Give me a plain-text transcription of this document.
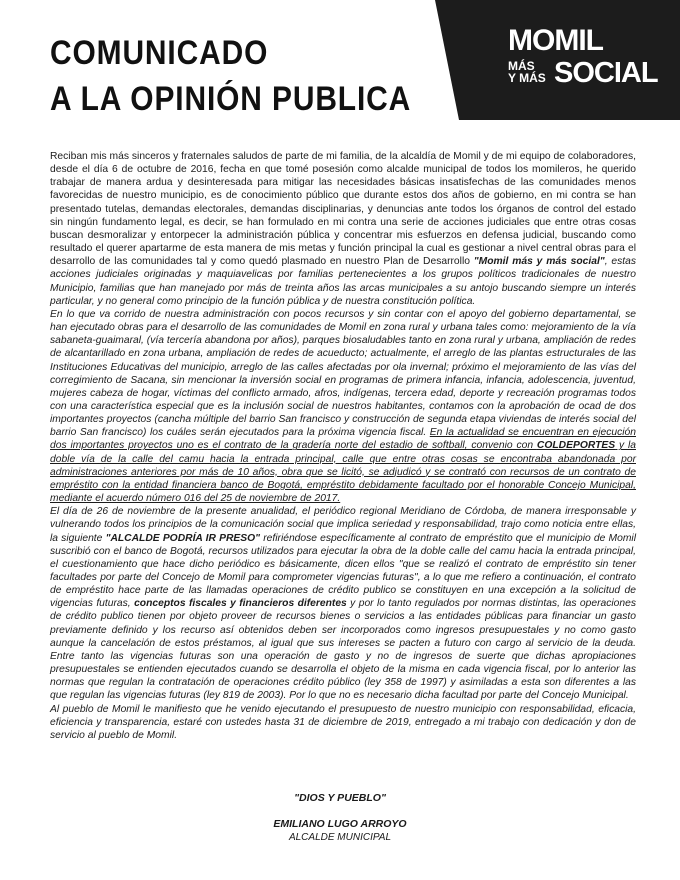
COMUNICADO
A LA OPINIÓN PUBLICA
MOMIL
MÁS
Y MÁS SOCIAL

Reciban mis más sinceros y fraternales saludos de parte de mi familia, de la alcaldía de Momil y de mi equipo de colaboradores, desde el día 6 de octubre de 2016, fecha en que tomé posesión como alcalde municipal de todos los momileros, he querido trabajar de manera ardua y desinteresada para mitigar las necesidades básicas insatisfechas de las comunidades menos favorecidas de nuestro municipio, es de conocimiento público que durante estos dos años de gobierno, en mi contra se han presentado tutelas, demandas electorales, demandas disciplinarias, y denuncias ante todos los órganos de control del estado sin ningún fundamento legal, es decir, se han formulado en mi contra una serie de acciones judiciales que entre otras cosas buscan desmoralizar y entorpecer la administración pública y concentrar mis esfuerzos en defensa judicial, buscando como resultado el querer apartarme de esta manera de mis metas y función principal la cual es gestionar a nivel central obras para el desarrollo de las comunidades tal y como quedó plasmado en nuestro Plan de Desarrollo "Momil más y más social", estas acciones judiciales originadas y maquiavelicas por familias pertenecientes a los grupos políticos tradicionales de nuestro Municipio, familias que han manejado por más de treinta años las arcas municipales a su antojo buscando siempre un interés particular, y no general como principio de la función pública y de nuestra constitución política.

En lo que va corrido de nuestra administración con pocos recursos y sin contar con el apoyo del gobierno departamental, se han ejecutado obras para el desarrollo de las comunidades de Momil en zona rural y urbana tales como: mejoramiento de la vía sabaneta-guaimaral, (vía tercería abandona por años), parques biosaludables tanto en zona rural y urbana, ampliación de redes de alcantarillado en zona urbana, ampliación de redes de acueducto; actualmente, el arreglo de las plantas estructurales de las Instituciones Educativas del municipio, arreglo de las calles afectadas por ola invernal; próximo el mejoramiento de las vías del corregimiento de Sacana, sin mencionar la inversión social en programas de primera infancia, infancia, adolescencia, juventud, mujeres cabeza de hogar, víctimas del conflicto armado, afros, indígenas, tercera edad, deporte y recreación programas todos con una característica especial que es la inclusión social de nuestros habitantes, contamos con la aprobación de ocad de dos importantes proyectos (cancha múltiple del barrio San francisco y construcción de segunda etapa viviendas de interés social del barrio San francisco) los cuáles serán ejecutados para la próxima vigencia fiscal. En la actualidad se encuentran en ejecución dos importantes proyectos uno es el contrato de la gradería norte del estadio de softball, convenio con COLDEPORTES y la doble vía de la calle del camu hacia la entrada principal, calle que entre otras cosas se encontraba abandonada por administraciones anteriores por más de 10 años, obra que se licitó, se adjudicó y se contrató con recursos de un contrato de empréstito con la entidad financiera banco de Bogotá, empréstito debidamente facultado por el honorable Concejo Municipal, mediante el acuerdo número 016 del 25 de noviembre de 2017.

El día de 26 de noviembre de la presente anualidad, el periódico regional Meridiano de Córdoba, de manera irresponsable y vulnerando todos los principios de la comunicación social que implica seriedad y responsabilidad, trajo como noticia entre ellas, la siguiente "ALCALDE PODRÍA IR PRESO" refiriéndose específicamente al contrato de empréstito que el municipio de Momil suscribió con el banco de Bogotá, recursos utilizados para ejecutar la obra de la doble calle del camu hacia la entrada principal, el cuestionamiento que hace dicho periódico es básicamente, dicen ellos "que se realizó el contrato de empréstito sin tener facultades por parte del Concejo de Momil para comprometer vigencias futuras", a lo que me refiero a continuación, el contrato de empréstito hace parte de las llamadas operaciones de crédito publico se constituyen en una excepción a la solicitud de vigencias futuras, conceptos fiscales y financieros diferentes y por lo tanto regulados por normas distintas, las operaciones de crédito publico tienen por objeto proveer de recursos bienes o servicios a las entidades públicas para financiar un gasto previamente definido y los recurso así obtenidos deben ser incorporados como ingresos presupuestales y no como gasto aunque la cancelación de estos préstamos, al igual que sus intereses se pacten a futuro con cargo al servicio de la deuda. Entre tanto las vigencias futuras son una operación de gasto y no de ingresos de suerte que dichas apropiaciones presupuestales se entienden ejecutados cuando se desarrolla el objeto de la misma en cada vigencia fiscal, por lo anterior las normas que regulan la contratación de operaciones crédito público (ley 358 de 1997) y asimiladas a esta son diferentes a las que regulan las vigencias futuras (ley 819 de 2003). Por lo que no es necesario dicha facultad por parte del Concejo Municipal.

Al pueblo de Momil le manifiesto que he venido ejecutando el presupuesto de nuestro municipio con responsabilidad, eficacia, eficiencia y transparencia, estaré con ustedes hasta 31 de diciembre de 2019, entregado a mi trabajo con dedicación y don de servicio al pueblo de Momil.

"DIOS Y PUEBLO"

EMILIANO LUGO ARROYO

ALCALDE MUNICIPAL
